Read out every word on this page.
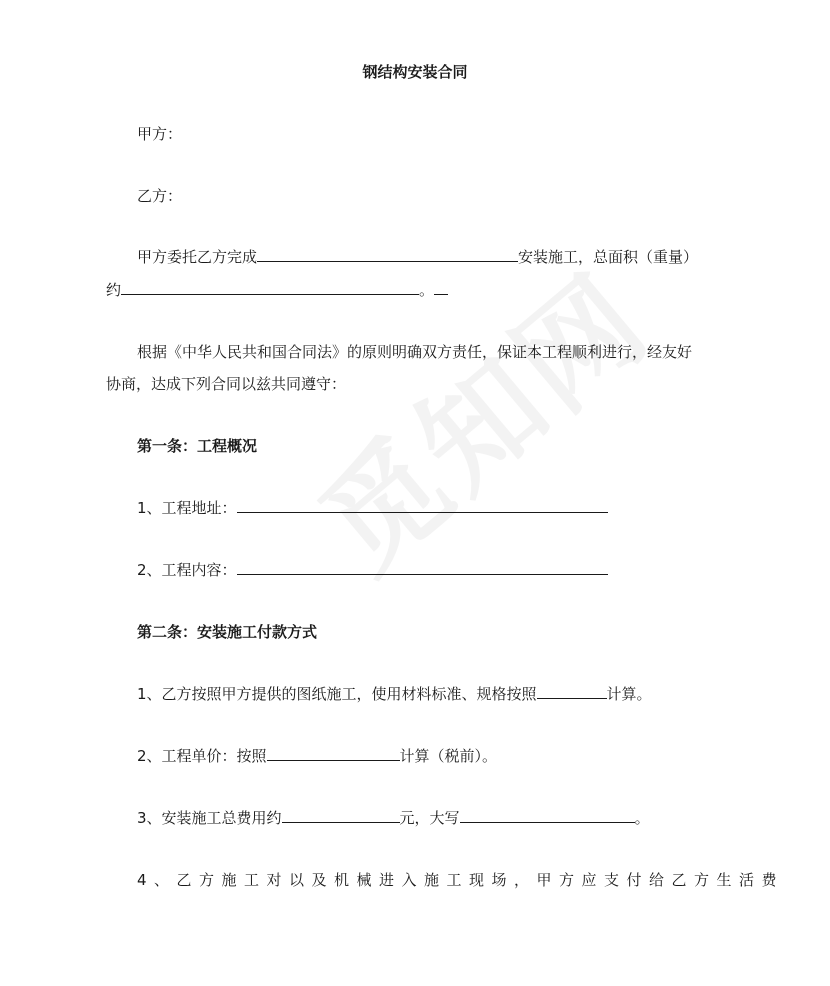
钢结构安装合同
甲方：
乙方：
甲方委托乙方完成	安装施工，总面积（重量）
约	。
根据《中华人民共和国合同法》的原则明确双方责任，保证本工程顺利进行，经友好
协商，达成下列合同以兹共同遵守：
第一条：工程概况
1、工程地址：
2、工程内容：
第二条：安装施工付款方式
1、乙方按照甲方提供的图纸施工，使用材料标准、规格按照	计算。
2、工程单价：按照	计算（税前）。
3、安装施工总费用约	元，大写	。
4、乙方施工对以及机械进入施工现场，甲方应支付给乙方生活费
